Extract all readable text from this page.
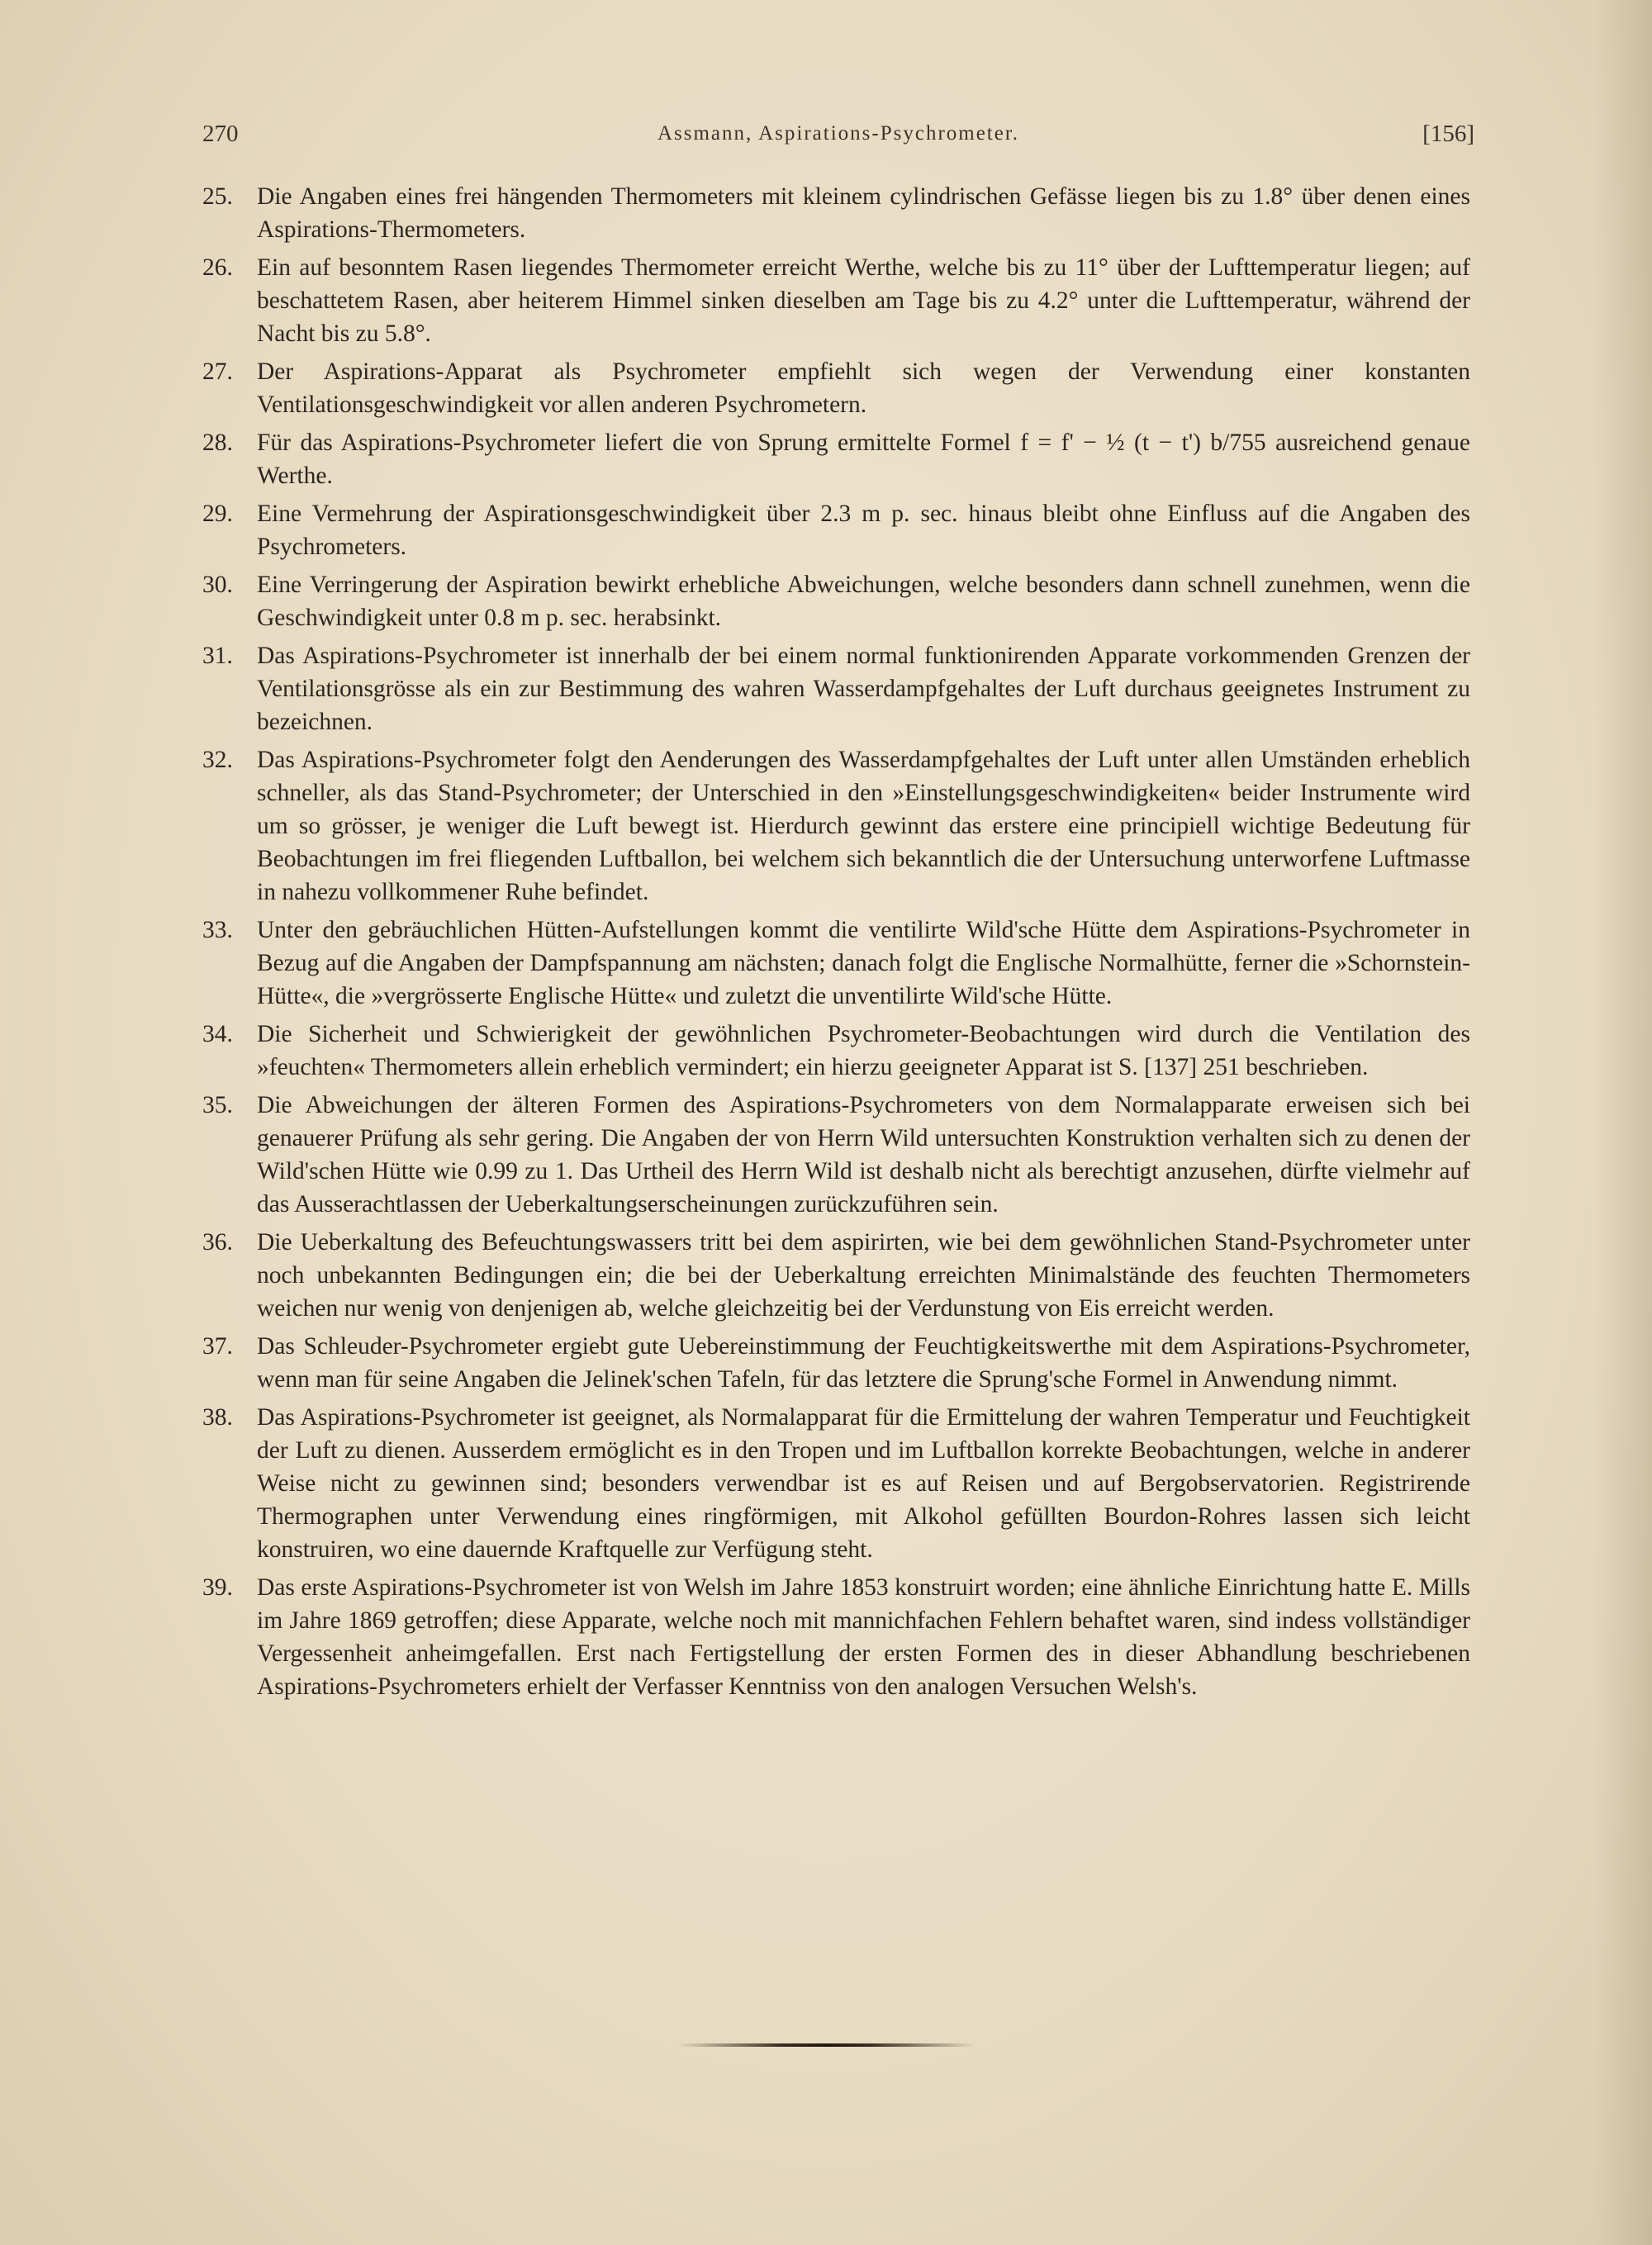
270	Assmann, Aspirations-Psychrometer.	[156]
25. Die Angaben eines frei hängenden Thermometers mit kleinem cylindrischen Gefässe liegen bis zu 1.8° über denen eines Aspirations-Thermometers.
26. Ein auf besonntem Rasen liegendes Thermometer erreicht Werthe, welche bis zu 11° über der Lufttemperatur liegen; auf beschattetem Rasen, aber heiterem Himmel sinken dieselben am Tage bis zu 4.2° unter die Lufttemperatur, während der Nacht bis zu 5.8°.
27. Der Aspirations-Apparat als Psychrometer empfiehlt sich wegen der Verwendung einer konstanten Ventilationsgeschwindigkeit vor allen anderen Psychrometern.
28. Für das Aspirations-Psychrometer liefert die von Sprung ermittelte Formel f = f' − ½ (t − t') b/755 ausreichend genaue Werthe.
29. Eine Vermehrung der Aspirationsgeschwindigkeit über 2.3 m p. sec. hinaus bleibt ohne Einfluss auf die Angaben des Psychrometers.
30. Eine Verringerung der Aspiration bewirkt erhebliche Abweichungen, welche besonders dann schnell zunehmen, wenn die Geschwindigkeit unter 0.8 m p. sec. herabsinkt.
31. Das Aspirations-Psychrometer ist innerhalb der bei einem normal funktionirenden Apparate vorkommenden Grenzen der Ventilationsgrösse als ein zur Bestimmung des wahren Wasserdampfgehaltes der Luft durchaus geeignetes Instrument zu bezeichnen.
32. Das Aspirations-Psychrometer folgt den Aenderungen des Wasserdampfgehaltes der Luft unter allen Umständen erheblich schneller, als das Stand-Psychrometer; der Unterschied in den »Einstellungsgeschwindigkeiten« beider Instrumente wird um so grösser, je weniger die Luft bewegt ist. Hierdurch gewinnt das erstere eine principiell wichtige Bedeutung für Beobachtungen im frei fliegenden Luftballon, bei welchem sich bekanntlich die der Untersuchung unterworfene Luftmasse in nahezu vollkommener Ruhe befindet.
33. Unter den gebräuchlichen Hütten-Aufstellungen kommt die ventilirte Wild'sche Hütte dem Aspirations-Psychrometer in Bezug auf die Angaben der Dampfspannung am nächsten; danach folgt die Englische Normalhütte, ferner die »Schornstein-Hütte«, die »vergrösserte Englische Hütte« und zuletzt die unventilirte Wild'sche Hütte.
34. Die Sicherheit und Schwierigkeit der gewöhnlichen Psychrometer-Beobachtungen wird durch die Ventilation des »feuchten« Thermometers allein erheblich vermindert; ein hierzu geeigneter Apparat ist S. [137] 251 beschrieben.
35. Die Abweichungen der älteren Formen des Aspirations-Psychrometers von dem Normalapparate erweisen sich bei genauerer Prüfung als sehr gering. Die Angaben der von Herrn Wild untersuchten Konstruktion verhalten sich zu denen der Wild'schen Hütte wie 0.99 zu 1. Das Urtheil des Herrn Wild ist deshalb nicht als berechtigt anzusehen, dürfte vielmehr auf das Ausserachtlassen der Ueberkaltungserscheinungen zurückzuführen sein.
36. Die Ueberkaltung des Befeuchtungswassers tritt bei dem aspirirten, wie bei dem gewöhnlichen Stand-Psychrometer unter noch unbekannten Bedingungen ein; die bei der Ueberkaltung erreichten Minimalstände des feuchten Thermometers weichen nur wenig von denjenigen ab, welche gleichzeitig bei der Verdunstung von Eis erreicht werden.
37. Das Schleuder-Psychrometer ergiebt gute Uebereinstimmung der Feuchtigkeitswerthe mit dem Aspirations-Psychrometer, wenn man für seine Angaben die Jelinek'schen Tafeln, für das letztere die Sprung'sche Formel in Anwendung nimmt.
38. Das Aspirations-Psychrometer ist geeignet, als Normalapparat für die Ermittelung der wahren Temperatur und Feuchtigkeit der Luft zu dienen. Ausserdem ermöglicht es in den Tropen und im Luftballon korrekte Beobachtungen, welche in anderer Weise nicht zu gewinnen sind; besonders verwendbar ist es auf Reisen und auf Bergobservatorien. Registrirende Thermographen unter Verwendung eines ringförmigen, mit Alkohol gefüllten Bourdon-Rohres lassen sich leicht konstruiren, wo eine dauernde Kraftquelle zur Verfügung steht.
39. Das erste Aspirations-Psychrometer ist von Welsh im Jahre 1853 konstruirt worden; eine ähnliche Einrichtung hatte E. Mills im Jahre 1869 getroffen; diese Apparate, welche noch mit mannichfachen Fehlern behaftet waren, sind indess vollständiger Vergessenheit anheimgefallen. Erst nach Fertigstellung der ersten Formen des in dieser Abhandlung beschriebenen Aspirations-Psychrometers erhielt der Verfasser Kenntniss von den analogen Versuchen Welsh's.
